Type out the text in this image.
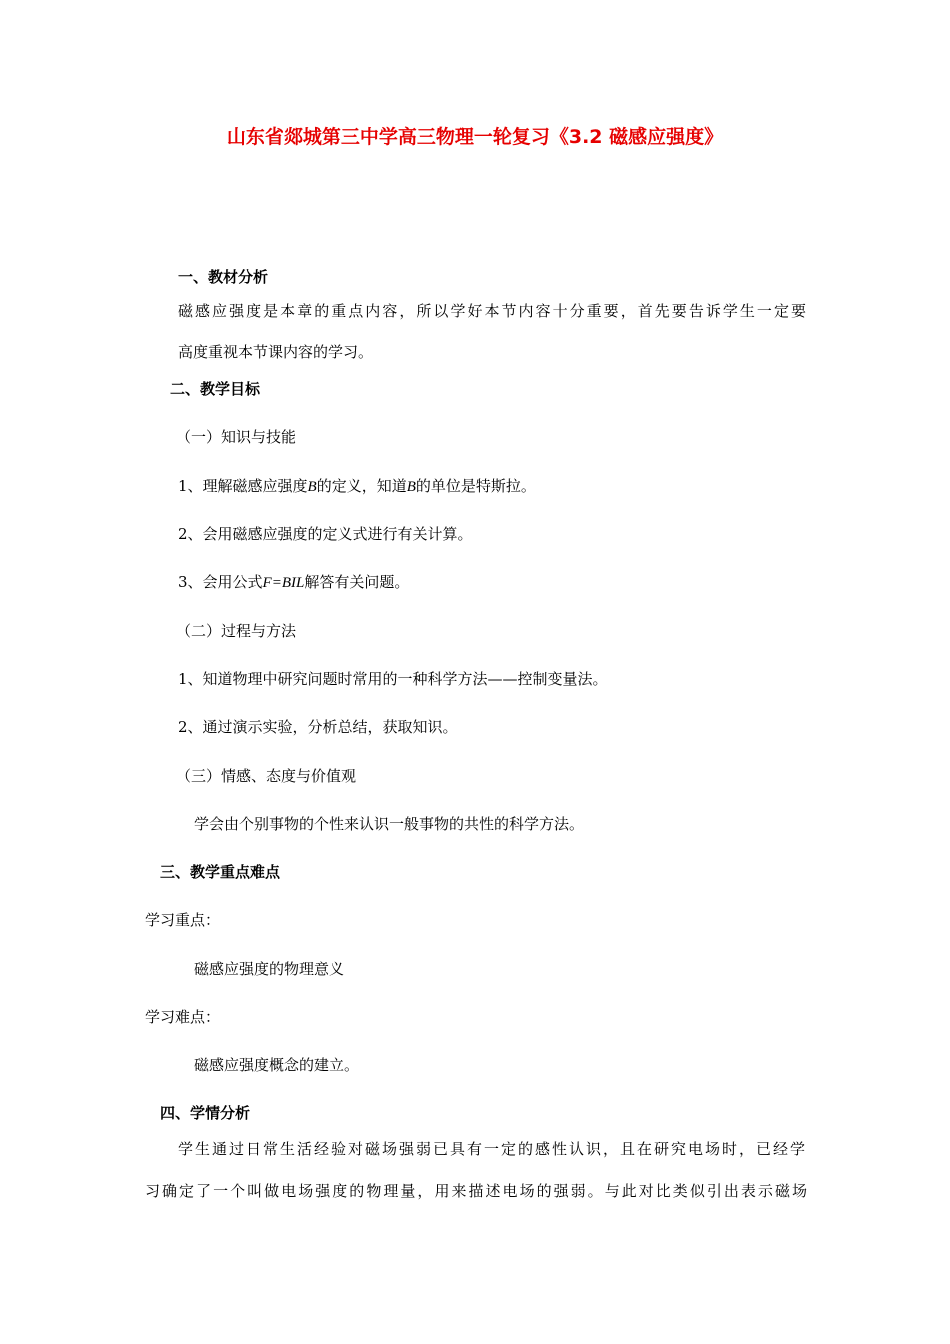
山东省郯城第三中学高三物理一轮复习《3.2 磁感应强度》
一、教材分析
磁感应强度是本章的重点内容，所以学好本节内容十分重要，首先要告诉学生一定要
高度重视本节课内容的学习。
二、教学目标
（一）知识与技能
1、理解磁感应强度B的定义，知道B的单位是特斯拉。
2、会用磁感应强度的定义式进行有关计算。
3、会用公式F=BIL解答有关问题。
（二）过程与方法
1、知道物理中研究问题时常用的一种科学方法——控制变量法。
2、通过演示实验，分析总结，获取知识。
（三）情感、态度与价值观
学会由个别事物的个性来认识一般事物的共性的科学方法。
三、教学重点难点
学习重点：
磁感应强度的物理意义
学习难点：
磁感应强度概念的建立。
四、学情分析
学生通过日常生活经验对磁场强弱已具有一定的感性认识，且在研究电场时，已经学
习确定了一个叫做电场强度的物理量，用来描述电场的强弱。与此对比类似引出表示磁场
